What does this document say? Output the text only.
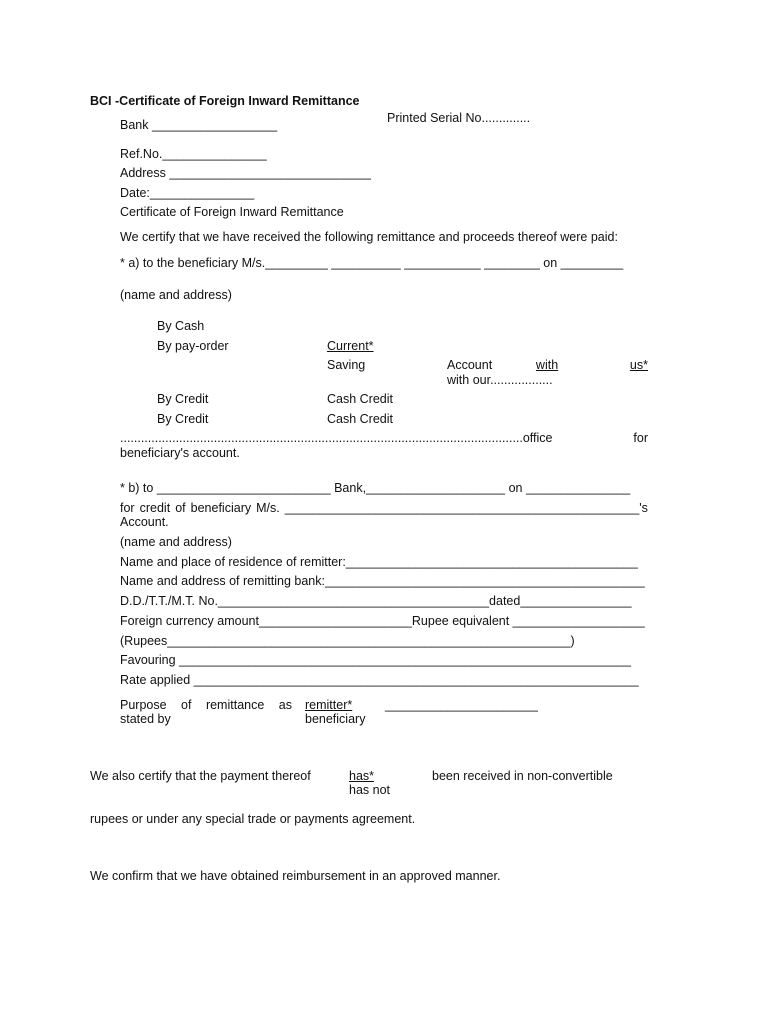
BCI -Certificate of Foreign Inward Remittance
Printed Serial No..............
Bank __________________
Ref.No._______________
Address _____________________________
Date:_______________
Certificate of Foreign Inward Remittance
We certify that we have received the following remittance and proceeds thereof were paid:
* a) to the beneficiary M/s._________ __________ ___________ ________ on _________
(name and address)
By Cash
By pay-order	Current*
Saving	Account	with	us*
with our..................
By Credit	Cash Credit
By Credit	Cash Credit
....................................................................................................................office	for
beneficiary's account.
* b) to _________________________ Bank,____________________ on _______________
for credit of beneficiary M/s. ___________________________________________________'s
Account.
(name and address)
Name and place of residence of remitter:__________________________________________
Name and address of remitting bank:______________________________________________
D.D./T.T./M.T. No._______________________________________dated________________
Foreign currency amount______________________Rupee equivalent ___________________
(Rupees__________________________________________________________)
Favouring _________________________________________________________________
Rate applied ________________________________________________________________
Purpose of remittance as
stated by
remitter*
beneficiary
______________________
We also certify that the payment thereof	has*
has not
been received in non-convertible
rupees or under any special trade or payments agreement.
We confirm that we have obtained reimbursement in an approved manner.
